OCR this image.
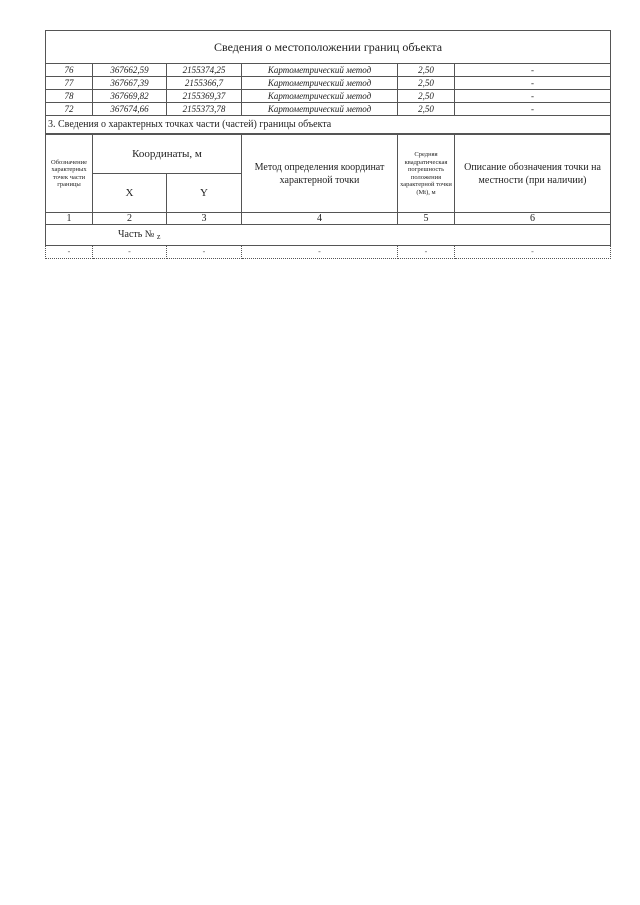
Сведения о местоположении границ объекта					
76	367662,59	2155374,25	Картометрический метод	2,50	-
77	367667,39	2155366,7	Картометрический метод	2,50	-
78	367669,82	2155369,37	Картометрический метод	2,50	-
72	367674,66	2155373,78	Картометрический метод	2,50	-
3. Сведения о характерных точках части (частей) границы объекта					
Обозначение характерных точек части границы	Координаты, м		Метод определения координат характерной точки	Средняя квадратическая погрешность положения характерной точки (Mt), м	Описание обозначения точки на местности (при наличии)
	X	Y			
1	2	3	4	5	6
Часть № $_z$
-	-	-	-	-	-
